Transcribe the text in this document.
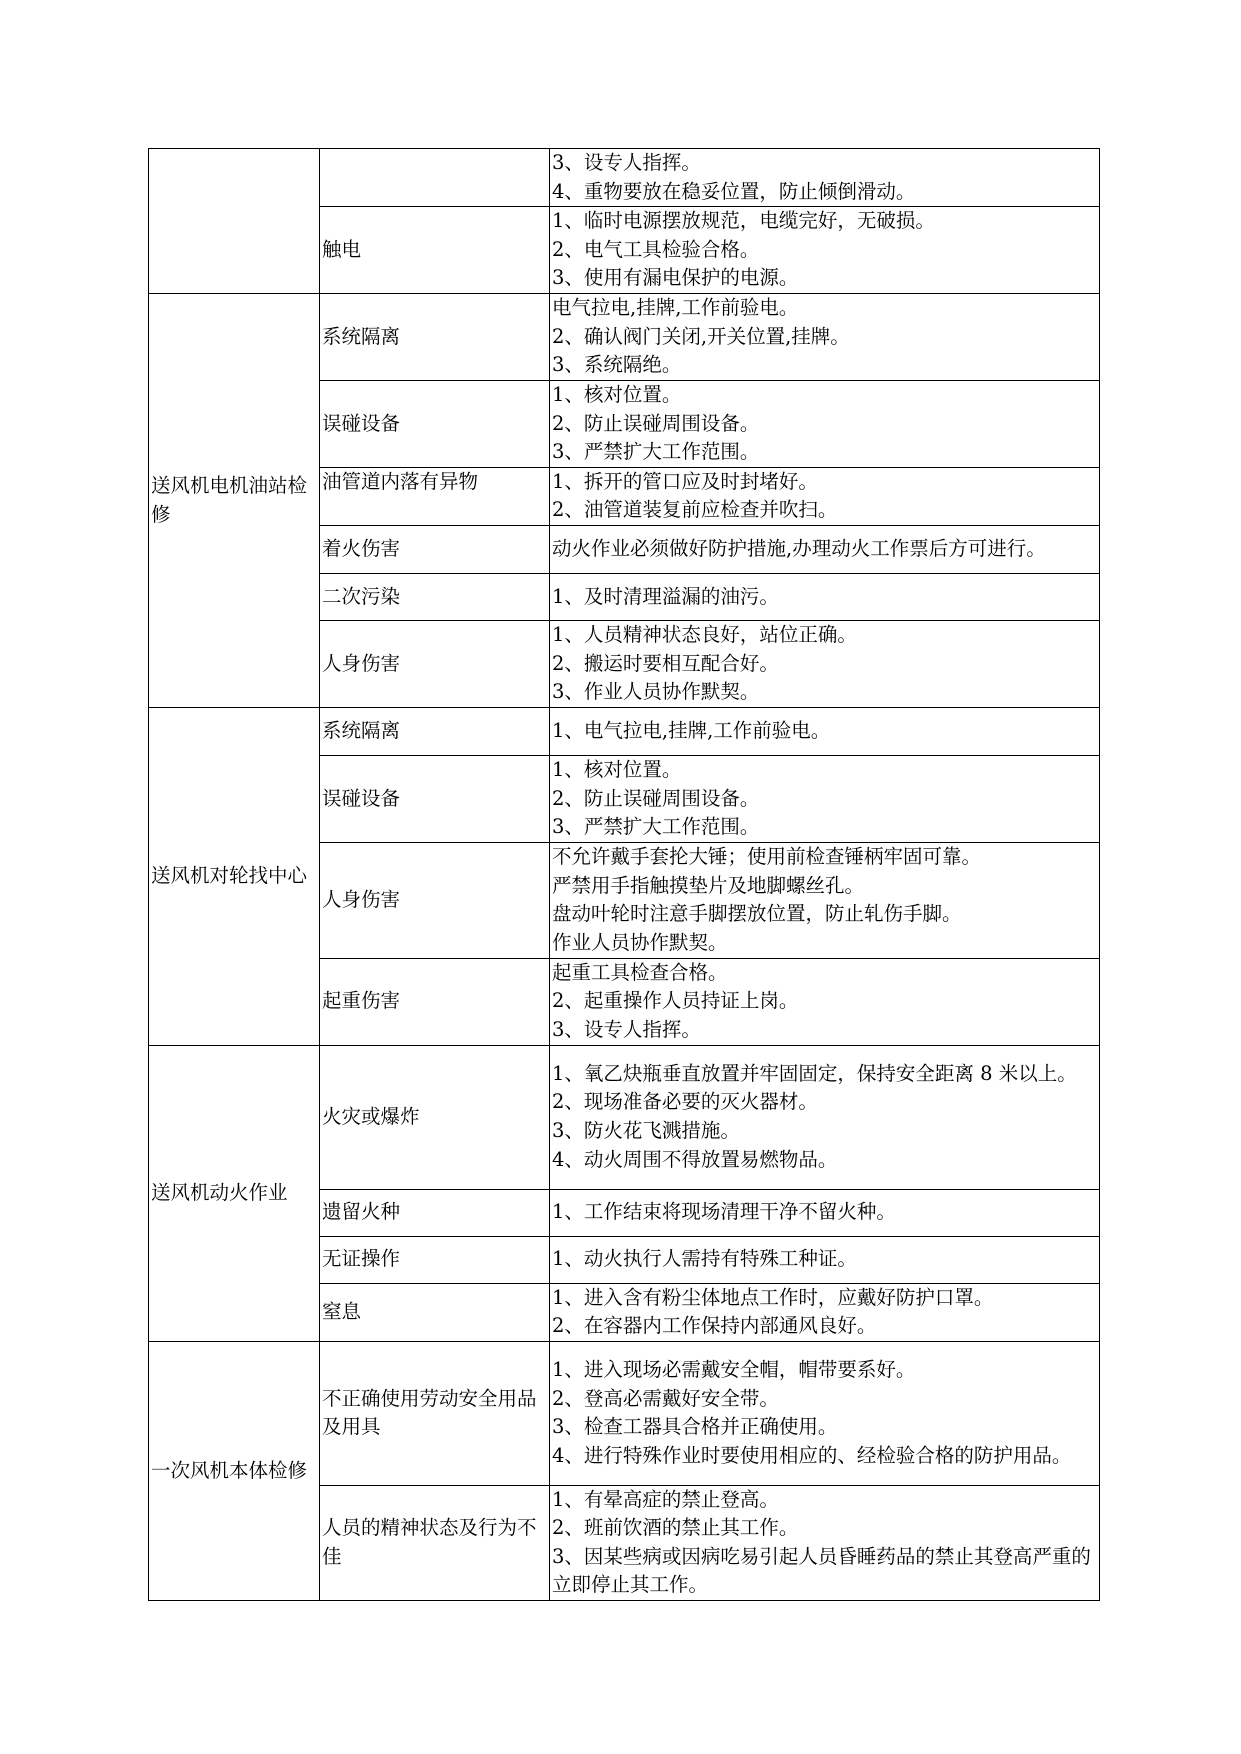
		3、设专人指挥。
4、重物要放在稳妥位置，防止倾倒滑动。

	触电	1、临时电源摆放规范，电缆完好，无破损。
2、电气工具检验合格。
3、使用有漏电保护的电源。

送风机电机油站检修	系统隔离	电气拉电,挂牌,工作前验电。
2、确认阀门关闭,开关位置,挂牌。
3、系统隔绝。

	误碰设备	1、核对位置。
2、防止误碰周围设备。
3、严禁扩大工作范围。

	油管道内落有异物	1、拆开的管口应及时封堵好。
2、油管道装复前应检查并吹扫。

	着火伤害	动火作业必须做好防护措施,办理动火工作票后方可进行。

	二次污染	1、及时清理溢漏的油污。

	人身伤害	1、人员精神状态良好，站位正确。
2、搬运时要相互配合好。
3、作业人员协作默契。

送风机对轮找中心	系统隔离	1、电气拉电,挂牌,工作前验电。

	误碰设备	1、核对位置。
2、防止误碰周围设备。
3、严禁扩大工作范围。

	人身伤害	不允许戴手套抡大锤；使用前检查锤柄牢固可靠。
严禁用手指触摸垫片及地脚螺丝孔。
盘动叶轮时注意手脚摆放位置，防止轧伤手脚。
作业人员协作默契。

	起重伤害	起重工具检查合格。
2、起重操作人员持证上岗。
3、设专人指挥。

送风机动火作业	火灾或爆炸	1、氧乙炔瓶垂直放置并牢固固定，保持安全距离 8 米以上。
2、现场准备必要的灭火器材。
3、防火花飞溅措施。
4、动火周围不得放置易燃物品。

	遗留火种	1、工作结束将现场清理干净不留火种。

	无证操作	1、动火执行人需持有特殊工种证。

	窒息	1、进入含有粉尘体地点工作时，应戴好防护口罩。
2、在容器内工作保持内部通风良好。

一次风机本体检修	不正确使用劳动安全用品及用具	1、进入现场必需戴安全帽，帽带要系好。
2、登高必需戴好安全带。
3、检查工器具合格并正确使用。
4、进行特殊作业时要使用相应的、经检验合格的防护用品。

	人员的精神状态及行为不佳	1、有晕高症的禁止登高。
2、班前饮酒的禁止其工作。
3、因某些病或因病吃易引起人员昏睡药品的禁止其登高严重的立即停止其工作。
